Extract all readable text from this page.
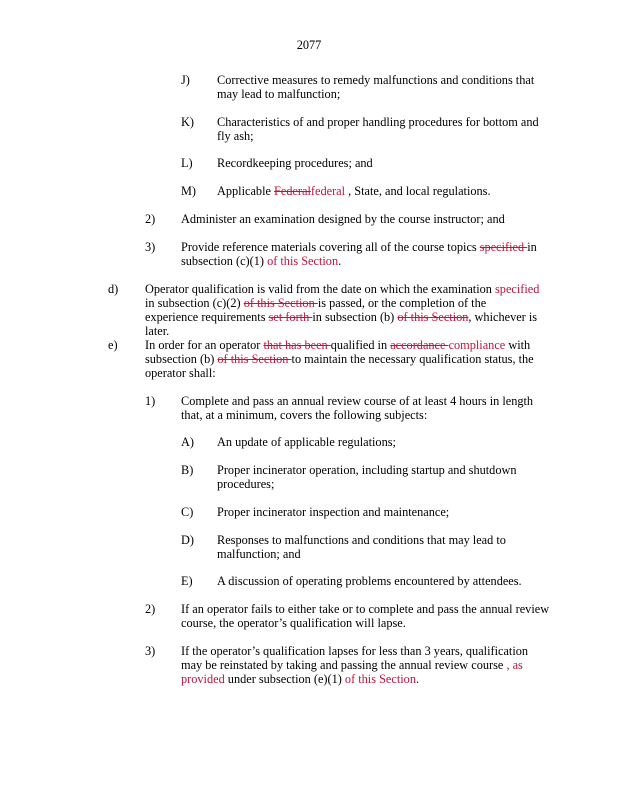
2077
J) Corrective measures to remedy malfunctions and conditions that may lead to malfunction;
K) Characteristics of and proper handling procedures for bottom and fly ash;
L) Recordkeeping procedures; and
M) Applicable Federalfederal , State, and local regulations.
2) Administer an examination designed by the course instructor; and
3) Provide reference materials covering all of the course topics specified in subsection (c)(1) of this Section.
d) Operator qualification is valid from the date on which the examination specified in subsection (c)(2) of this Section is passed, or the completion of the experience requirements set forth in subsection (b) of this Section, whichever is later.
e) In order for an operator that has been qualified in accordance compliance with subsection (b) of this Section to maintain the necessary qualification status, the operator shall:
1) Complete and pass an annual review course of at least 4 hours in length that, at a minimum, covers the following subjects:
A) An update of applicable regulations;
B) Proper incinerator operation, including startup and shutdown procedures;
C) Proper incinerator inspection and maintenance;
D) Responses to malfunctions and conditions that may lead to malfunction; and
E) A discussion of operating problems encountered by attendees.
2) If an operator fails to either take or to complete and pass the annual review course, the operator’s qualification will lapse.
3) If the operator’s qualification lapses for less than 3 years, qualification may be reinstated by taking and passing the annual review course , as provided under subsection (e)(1) of this Section.
